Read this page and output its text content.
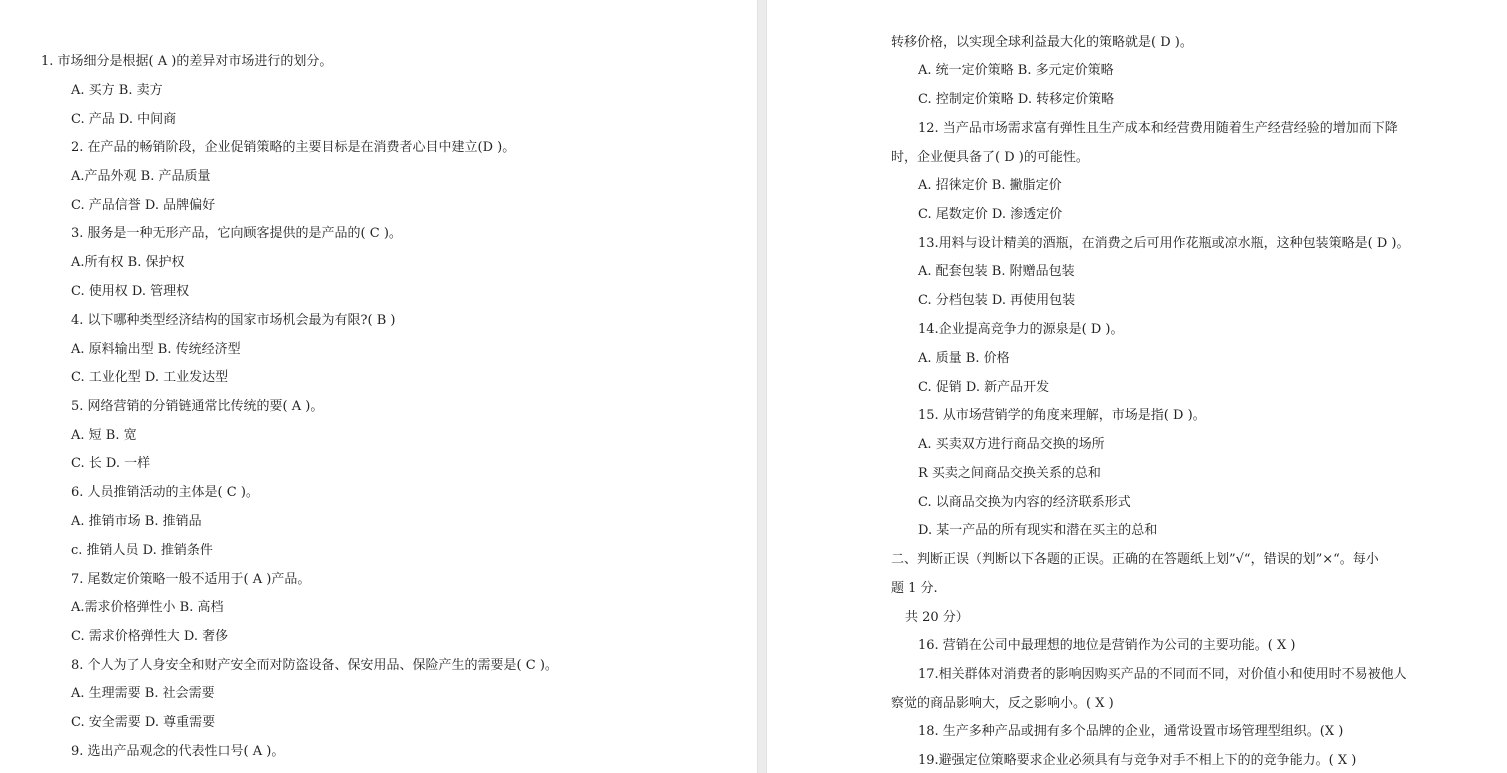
1. 市场细分是根据( A )的差异对市场进行的划分。
A. 买方 B. 卖方
C. 产品 D. 中间商
2. 在产品的畅销阶段，企业促销策略的主要目标是在消费者心目中建立(D )。
A.产品外观 B. 产品质量
C. 产品信誉 D. 品牌偏好
3. 服务是一种无形产品，它向顾客提供的是产品的( C )。
A.所有权 B. 保护权
C. 使用权 D. 管理权
4. 以下哪种类型经济结构的国家市场机会最为有限?( B )
A. 原料输出型 B. 传统经济型
C. 工业化型 D. 工业发达型
5. 网络营销的分销链通常比传统的要( A )。
A. 短 B. 宽
C. 长 D. 一样
6. 人员推销活动的主体是( C )。
A. 推销市场 B. 推销品
c. 推销人员 D. 推销条件
7. 尾数定价策略一般不适用于( A )产品。
A.需求价格弹性小 B. 高档
C. 需求价格弹性大 D. 奢侈
8. 个人为了人身安全和财产安全而对防盗设备、保安用品、保险产生的需要是( C )。
A. 生理需要 B. 社会需要
C. 安全需要 D. 尊重需要
9. 选出产品观念的代表性口号( A )。
转移价格，以实现全球利益最大化的策略就是( D )。
A. 统一定价策略 B. 多元定价策略
C. 控制定价策略 D. 转移定价策略
12. 当产品市场需求富有弹性且生产成本和经营费用随着生产经营经验的增加而下降
时，企业便具备了( D )的可能性。
A. 招徕定价 B. 撇脂定价
C. 尾数定价 D. 渗透定价
13.用料与设计精美的酒瓶，在消费之后可用作花瓶或凉水瓶，这种包装策略是( D )。
A. 配套包装 B. 附赠品包装
C. 分档包装 D. 再使用包装
14.企业提高竞争力的源泉是( D )。
A. 质量 B. 价格
C. 促销 D. 新产品开发
15. 从市场营销学的角度来理解，市场是指( D )。
A. 买卖双方进行商品交换的场所
R 买卖之间商品交换关系的总和
C. 以商品交换为内容的经济联系形式
D. 某一产品的所有现实和潜在买主的总和
二、判断正误（判断以下各题的正误。正确的在答题纸上划”√“，错误的划”×“。每小
题 1 分.
共 20 分）
16. 营销在公司中最理想的地位是营销作为公司的主要功能。( X )
17.相关群体对消费者的影响因购买产品的不同而不同，对价值小和使用时不易被他人
察觉的商品影响大，反之影响小。( X )
18. 生产多种产品或拥有多个品牌的企业，通常设置市场管理型组织。(X )
19.避强定位策略要求企业必须具有与竞争对手不相上下的的竞争能力。( X )
